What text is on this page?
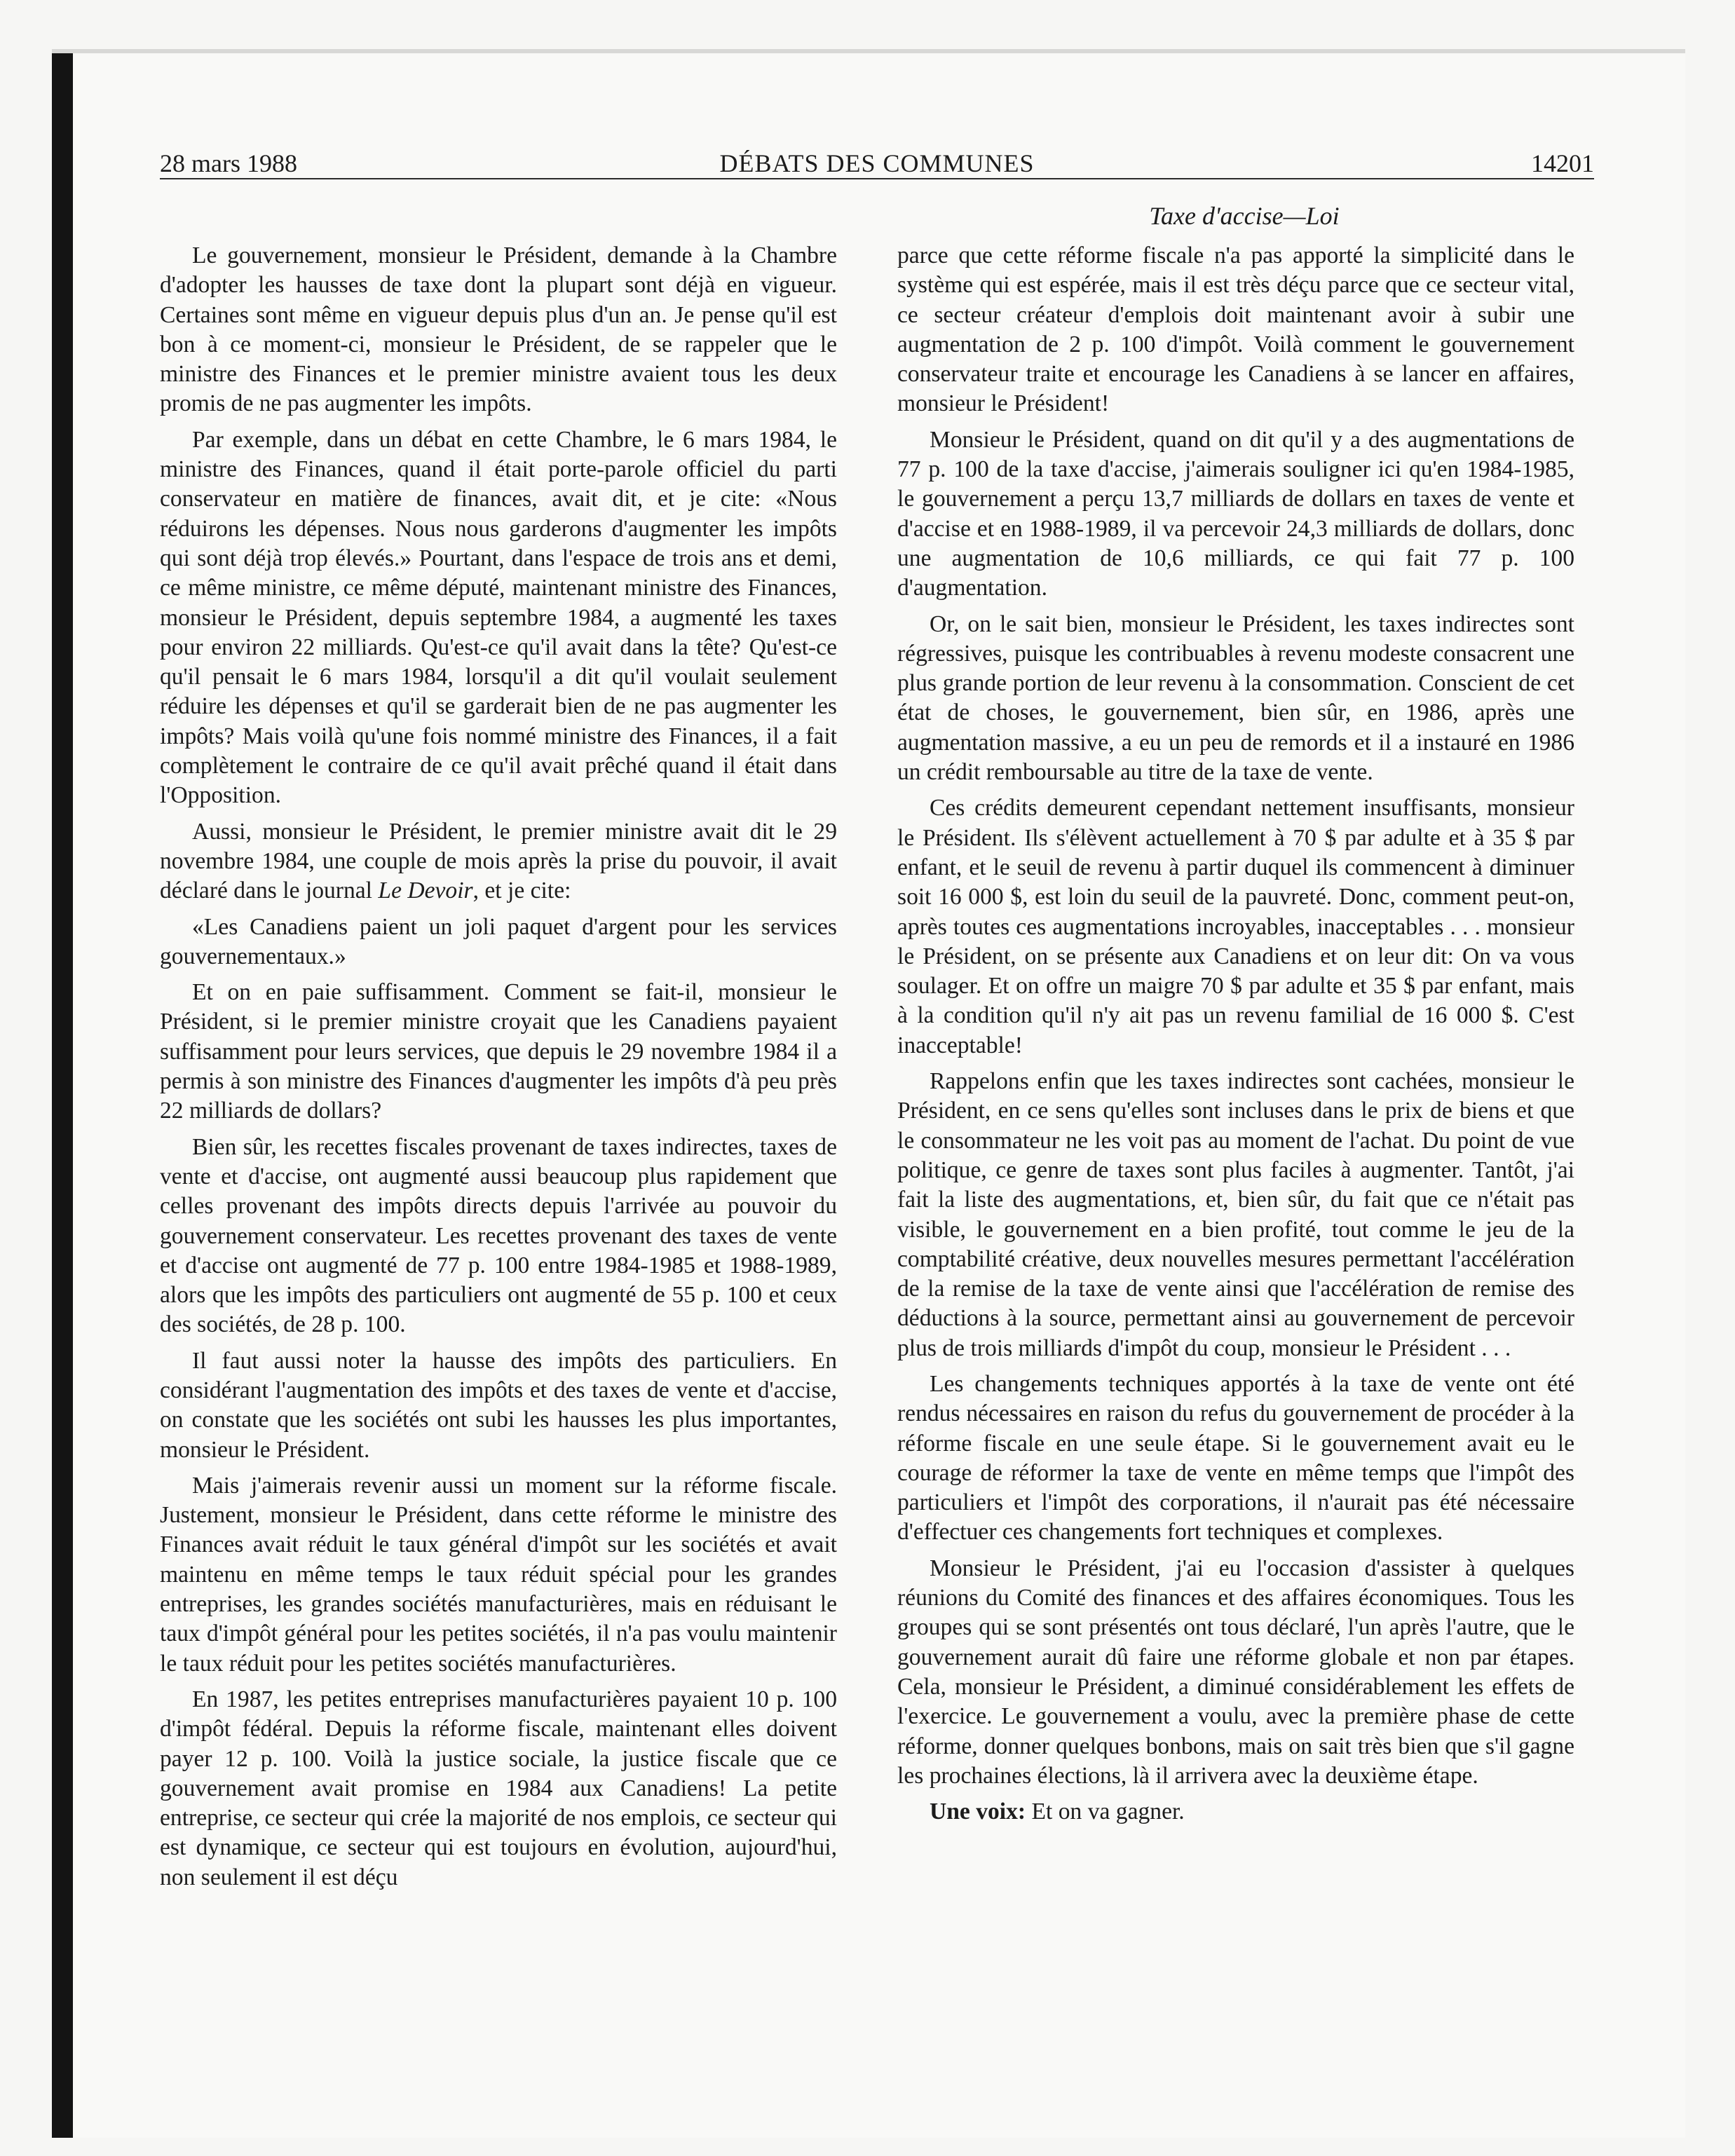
28 mars 1988	DÉBATS DES COMMUNES	14201
Taxe d'accise—Loi

Le gouvernement, monsieur le Président, demande à la Chambre d'adopter les hausses de taxe dont la plupart sont déjà en vigueur. Certaines sont même en vigueur depuis plus d'un an. Je pense qu'il est bon à ce moment-ci, monsieur le Président, de se rappeler que le ministre des Finances et le premier ministre avaient tous les deux promis de ne pas augmenter les impôts.

Par exemple, dans un débat en cette Chambre, le 6 mars 1984, le ministre des Finances, quand il était porte-parole officiel du parti conservateur en matière de finances, avait dit, et je cite: «Nous réduirons les dépenses. Nous nous garderons d'augmenter les impôts qui sont déjà trop élevés.» Pourtant, dans l'espace de trois ans et demi, ce même ministre, ce même député, maintenant ministre des Finances, monsieur le Président, depuis septembre 1984, a augmenté les taxes pour environ 22 milliards. Qu'est-ce qu'il avait dans la tête? Qu'est-ce qu'il pensait le 6 mars 1984, lorsqu'il a dit qu'il voulait seulement réduire les dépenses et qu'il se garderait bien de ne pas augmenter les impôts? Mais voilà qu'une fois nommé ministre des Finances, il a fait complètement le contraire de ce qu'il avait prêché quand il était dans l'Opposition.

Aussi, monsieur le Président, le premier ministre avait dit le 29 novembre 1984, une couple de mois après la prise du pouvoir, il avait déclaré dans le journal Le Devoir, et je cite:

«Les Canadiens paient un joli paquet d'argent pour les services gouvernementaux.»

Et on en paie suffisamment. Comment se fait-il, monsieur le Président, si le premier ministre croyait que les Canadiens payaient suffisamment pour leurs services, que depuis le 29 novembre 1984 il a permis à son ministre des Finances d'augmenter les impôts d'à peu près 22 milliards de dollars?

Bien sûr, les recettes fiscales provenant de taxes indirectes, taxes de vente et d'accise, ont augmenté aussi beaucoup plus rapidement que celles provenant des impôts directs depuis l'arrivée au pouvoir du gouvernement conservateur. Les recettes provenant des taxes de vente et d'accise ont augmenté de 77 p. 100 entre 1984-1985 et 1988-1989, alors que les impôts des particuliers ont augmenté de 55 p. 100 et ceux des sociétés, de 28 p. 100.

Il faut aussi noter la hausse des impôts des particuliers. En considérant l'augmentation des impôts et des taxes de vente et d'accise, on constate que les sociétés ont subi les hausses les plus importantes, monsieur le Président.

Mais j'aimerais revenir aussi un moment sur la réforme fiscale. Justement, monsieur le Président, dans cette réforme le ministre des Finances avait réduit le taux général d'impôt sur les sociétés et avait maintenu en même temps le taux réduit spécial pour les grandes entreprises, les grandes sociétés manufacturières, mais en réduisant le taux d'impôt général pour les petites sociétés, il n'a pas voulu maintenir le taux réduit pour les petites sociétés manufacturières.

En 1987, les petites entreprises manufacturières payaient 10 p. 100 d'impôt fédéral. Depuis la réforme fiscale, maintenant elles doivent payer 12 p. 100. Voilà la justice sociale, la justice fiscale que ce gouvernement avait promise en 1984 aux Canadiens! La petite entreprise, ce secteur qui crée la majorité de nos emplois, ce secteur qui est dynamique, ce secteur qui est toujours en évolution, aujourd'hui, non seulement il est déçu

parce que cette réforme fiscale n'a pas apporté la simplicité dans le système qui est espérée, mais il est très déçu parce que ce secteur vital, ce secteur créateur d'emplois doit maintenant avoir à subir une augmentation de 2 p. 100 d'impôt. Voilà comment le gouvernement conservateur traite et encourage les Canadiens à se lancer en affaires, monsieur le Président!

Monsieur le Président, quand on dit qu'il y a des augmentations de 77 p. 100 de la taxe d'accise, j'aimerais souligner ici qu'en 1984-1985, le gouvernement a perçu 13,7 milliards de dollars en taxes de vente et d'accise et en 1988-1989, il va percevoir 24,3 milliards de dollars, donc une augmentation de 10,6 milliards, ce qui fait 77 p. 100 d'augmentation.

Or, on le sait bien, monsieur le Président, les taxes indirectes sont régressives, puisque les contribuables à revenu modeste consacrent une plus grande portion de leur revenu à la consommation. Conscient de cet état de choses, le gouvernement, bien sûr, en 1986, après une augmentation massive, a eu un peu de remords et il a instauré en 1986 un crédit remboursable au titre de la taxe de vente.

Ces crédits demeurent cependant nettement insuffisants, monsieur le Président. Ils s'élèvent actuellement à 70 $ par adulte et à 35 $ par enfant, et le seuil de revenu à partir duquel ils commencent à diminuer soit 16 000 $, est loin du seuil de la pauvreté. Donc, comment peut-on, après toutes ces augmentations incroyables, inacceptables . . . monsieur le Président, on se présente aux Canadiens et on leur dit: On va vous soulager. Et on offre un maigre 70 $ par adulte et 35 $ par enfant, mais à la condition qu'il n'y ait pas un revenu familial de 16 000 $. C'est inacceptable!

Rappelons enfin que les taxes indirectes sont cachées, monsieur le Président, en ce sens qu'elles sont incluses dans le prix de biens et que le consommateur ne les voit pas au moment de l'achat. Du point de vue politique, ce genre de taxes sont plus faciles à augmenter. Tantôt, j'ai fait la liste des augmentations, et, bien sûr, du fait que ce n'était pas visible, le gouvernement en a bien profité, tout comme le jeu de la comptabilité créative, deux nouvelles mesures permettant l'accélération de la remise de la taxe de vente ainsi que l'accélération de remise des déductions à la source, permettant ainsi au gouvernement de percevoir plus de trois milliards d'impôt du coup, monsieur le Président . . .

Les changements techniques apportés à la taxe de vente ont été rendus nécessaires en raison du refus du gouvernement de procéder à la réforme fiscale en une seule étape. Si le gouvernement avait eu le courage de réformer la taxe de vente en même temps que l'impôt des particuliers et l'impôt des corporations, il n'aurait pas été nécessaire d'effectuer ces changements fort techniques et complexes.

Monsieur le Président, j'ai eu l'occasion d'assister à quelques réunions du Comité des finances et des affaires économiques. Tous les groupes qui se sont présentés ont tous déclaré, l'un après l'autre, que le gouvernement aurait dû faire une réforme globale et non par étapes. Cela, monsieur le Président, a diminué considérablement les effets de l'exercice. Le gouvernement a voulu, avec la première phase de cette réforme, donner quelques bonbons, mais on sait très bien que s'il gagne les prochaines élections, là il arrivera avec la deuxième étape.

Une voix: Et on va gagner.
